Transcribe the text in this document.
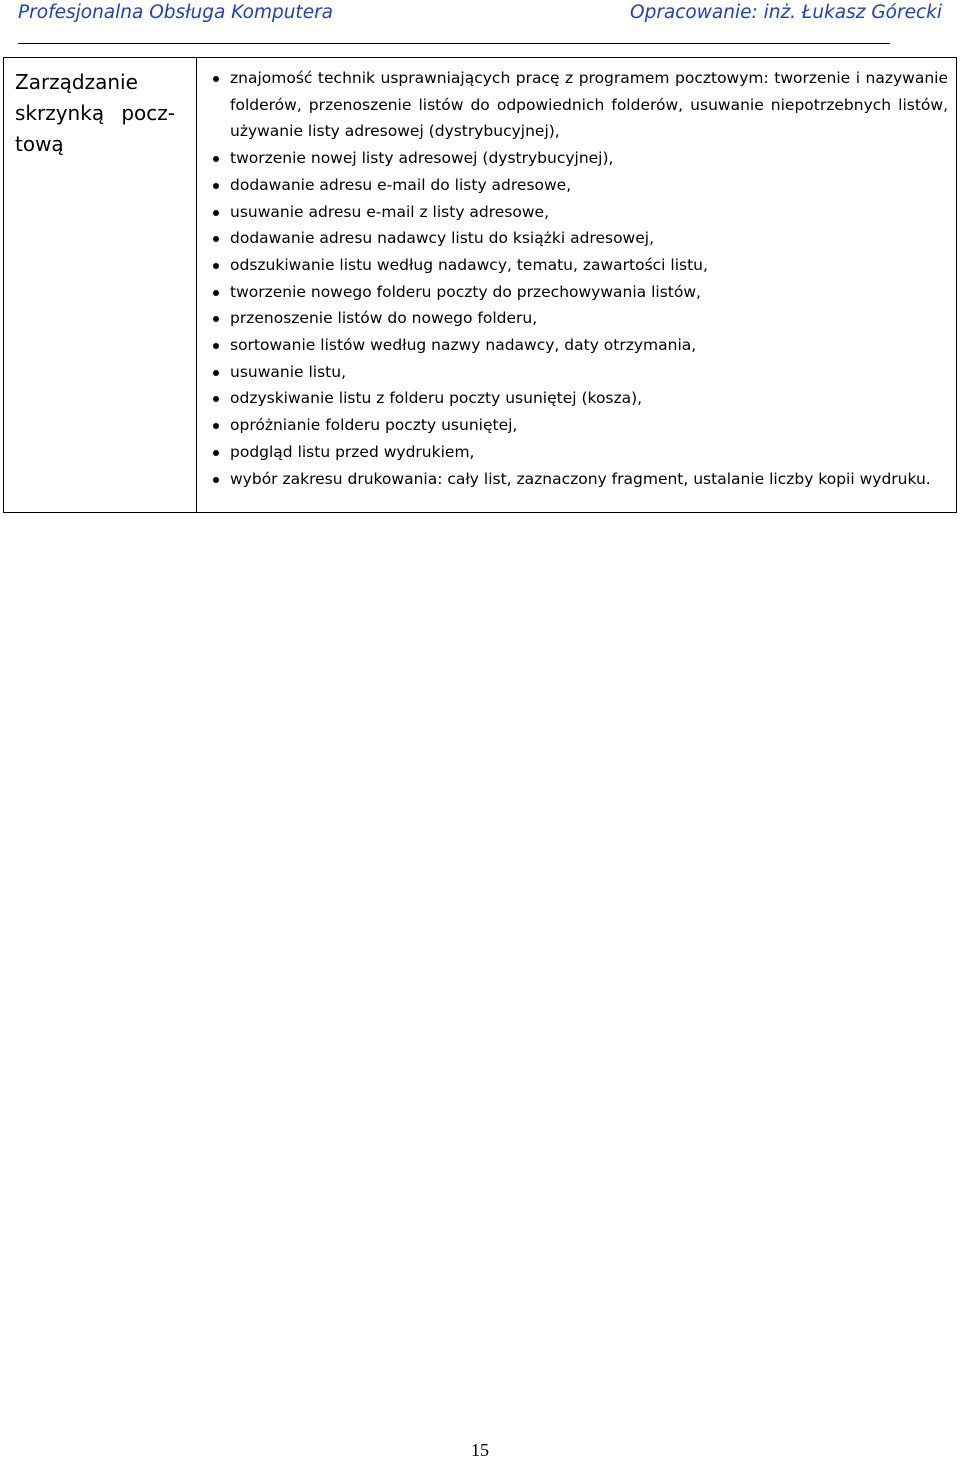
Profesjonalna Obsługa Komputera	Opracowanie: inż. Łukasz Górecki
Zarządzanie skrzynką pocz- tową
znajomość technik usprawniających pracę z programem pocztowym: tworzenie i nazywanie folderów, przenoszenie listów do odpowiednich folderów, usuwanie niepotrzebnych listów, używanie listy adresowej (dystrybucyjnej),
tworzenie nowej listy adresowej (dystrybucyjnej),
dodawanie adresu e-mail do listy adresowe,
usuwanie adresu e-mail z listy adresowe,
dodawanie adresu nadawcy listu do książki adresowej,
odszukiwanie listu według nadawcy, tematu, zawartości listu,
tworzenie nowego folderu poczty do przechowywania listów,
przenoszenie listów do nowego folderu,
sortowanie listów według nazwy nadawcy, daty otrzymania,
usuwanie listu,
odzyskiwanie listu z folderu poczty usuniętej (kosza),
opróżnianie folderu poczty usuniętej,
podgląd listu przed wydrukiem,
wybór zakresu drukowania: cały list, zaznaczony fragment, ustalanie liczby kopii wydruku.
15
